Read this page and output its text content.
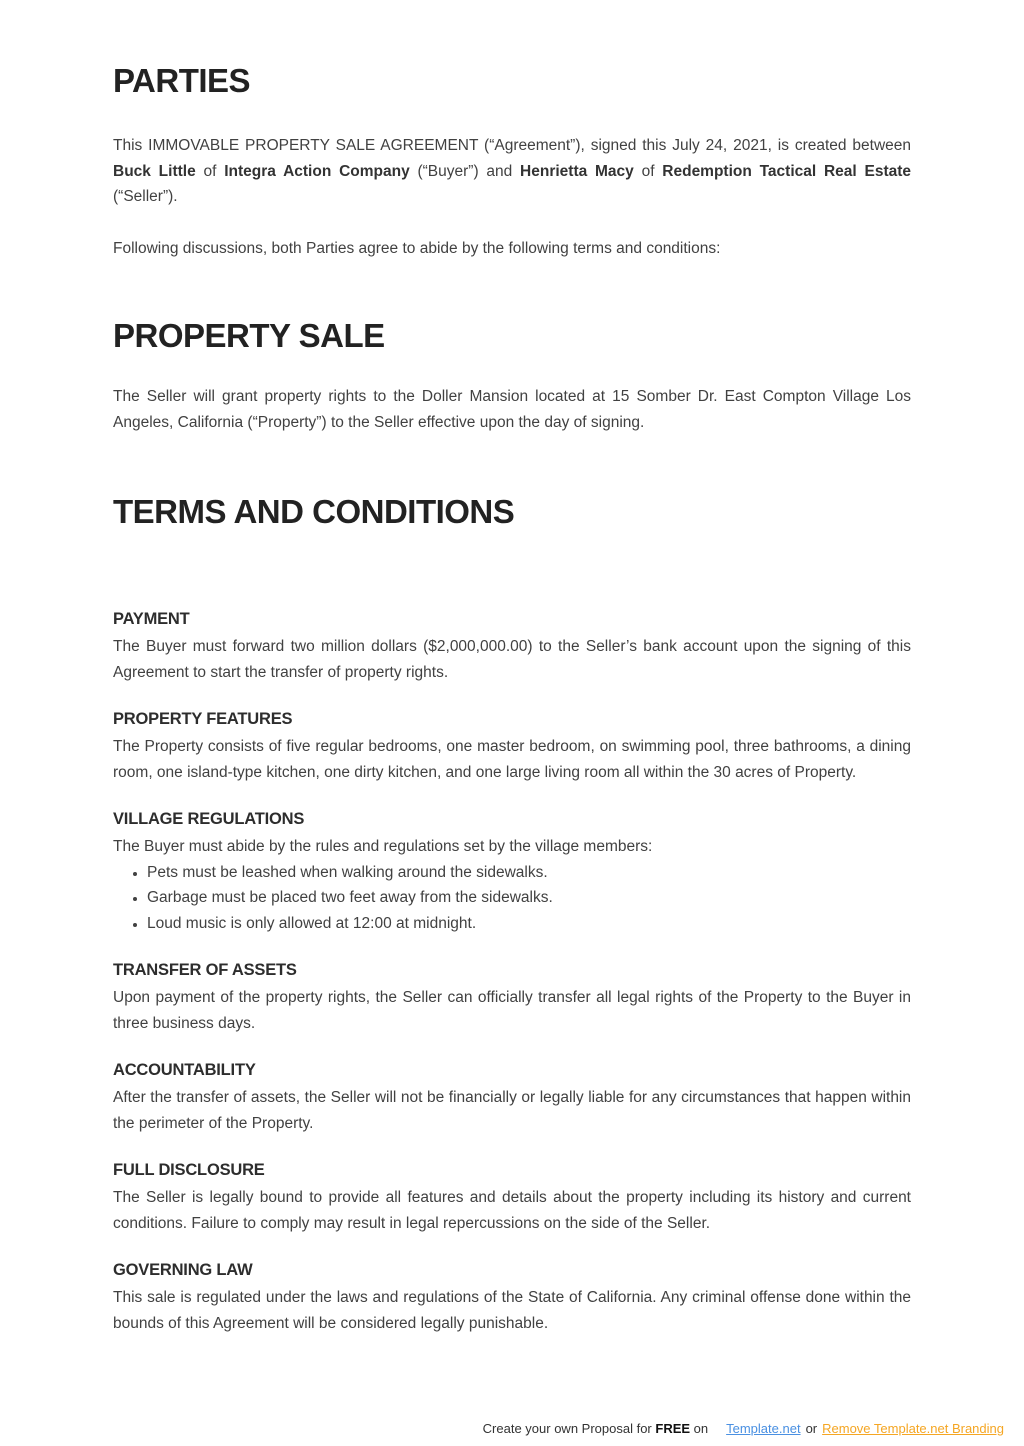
PARTIES

This IMMOVABLE PROPERTY SALE AGREEMENT (“Agreement”), signed this July 24, 2021, is created between Buck Little of Integra Action Company (“Buyer”) and Henrietta Macy of Redemption Tactical Real Estate (“Seller”).

Following discussions, both Parties agree to abide by the following terms and conditions:

PROPERTY SALE

The Seller will grant property rights to the Doller Mansion located at 15 Somber Dr. East Compton Village Los Angeles, California (“Property”) to the Seller effective upon the day of signing.

TERMS AND CONDITIONS
PAYMENT

The Buyer must forward two million dollars ($2,000,000.00) to the Seller’s bank account upon the signing of this Agreement to start the transfer of property rights.

PROPERTY FEATURES

The Property consists of five regular bedrooms, one master bedroom, on swimming pool, three bathrooms, a dining room, one island-type kitchen, one dirty kitchen, and one large living room all within the 30 acres of Property.

VILLAGE REGULATIONS

The Buyer must abide by the rules and regulations set by the village members:

• Pets must be leashed when walking around the sidewalks.
• Garbage must be placed two feet away from the sidewalks.
• Loud music is only allowed at 12:00 at midnight.
TRANSFER OF ASSETS

Upon payment of the property rights, the Seller can officially transfer all legal rights of the Property to the Buyer in three business days.

ACCOUNTABILITY

After the transfer of assets, the Seller will not be financially or legally liable for any circumstances that happen within the perimeter of the Property.

FULL DISCLOSURE

The Seller is legally bound to provide all features and details about the property including its history and current conditions. Failure to comply may result in legal repercussions on the side of the Seller.

GOVERNING LAW

This sale is regulated under the laws and regulations of the State of California. Any criminal offense done within the bounds of this Agreement will be considered legally punishable.

Create your own Proposal for FREE on Template.net or Remove Template.net Branding
